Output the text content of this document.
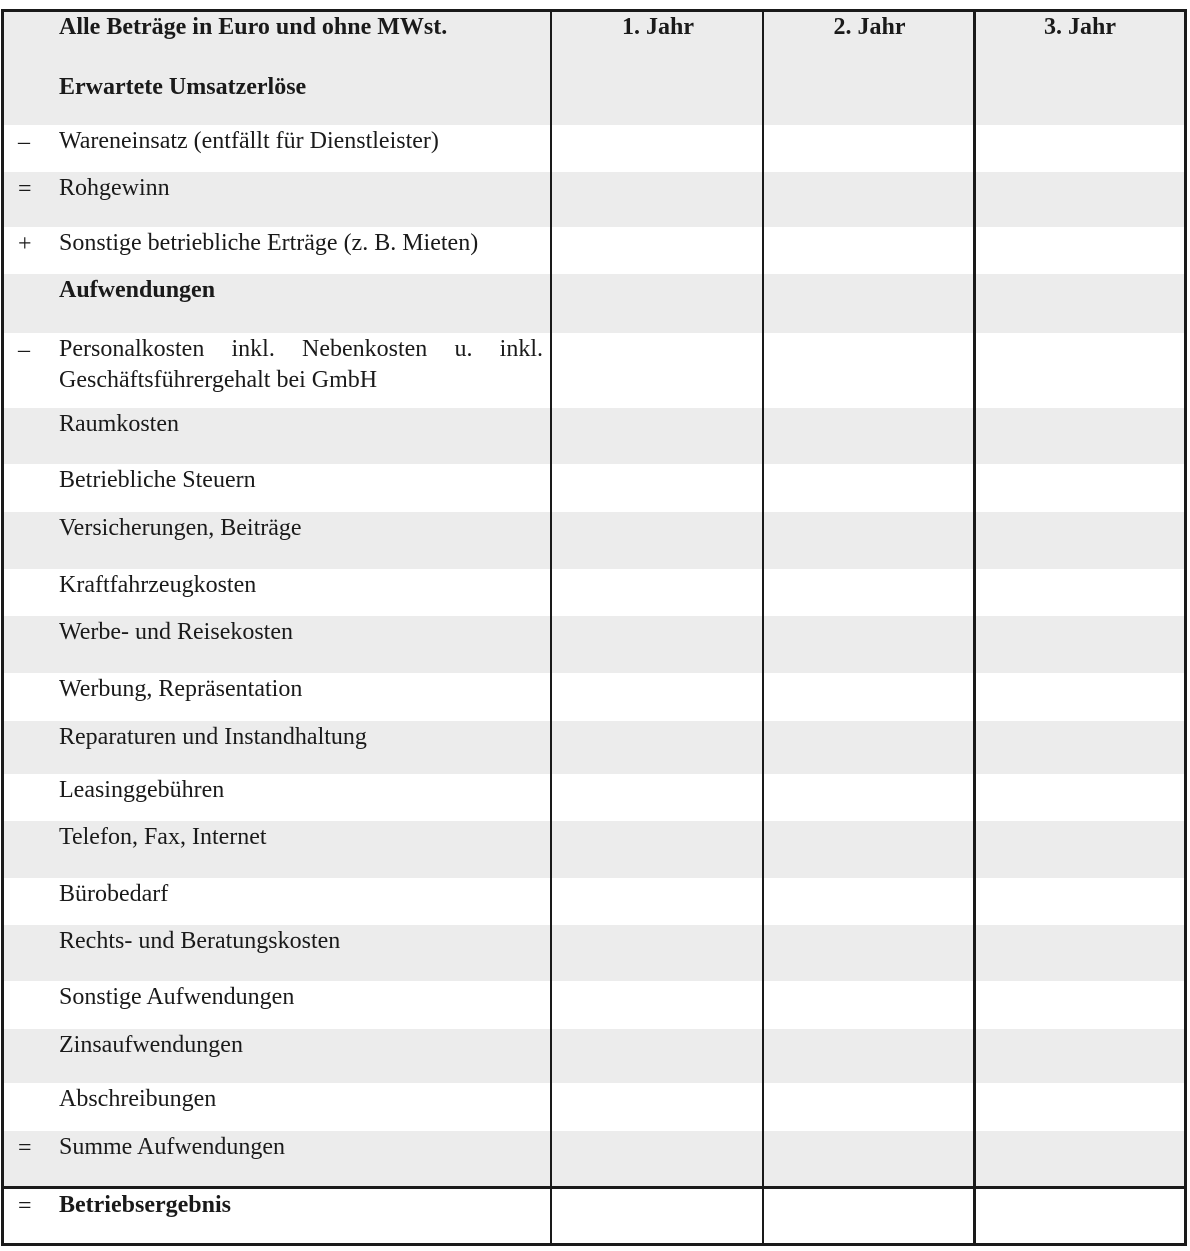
Alle Beträge in Euro und ohne MWst.
Erwartete Umsatzerlöse
1. Jahr	2. Jahr	3. Jahr
– Wareneinsatz (entfällt für Dienstleister)
= Rohgewinn
+ Sonstige betriebliche Erträge (z. B. Mieten)
Aufwendungen
– Personalkosten inkl. Nebenkosten u. inkl. Geschäftsführergehalt bei GmbH
Raumkosten
Betriebliche Steuern
Versicherungen, Beiträge
Kraftfahrzeugkosten
Werbe- und Reisekosten
Werbung, Repräsentation
Reparaturen und Instandhaltung
Leasinggebühren
Telefon, Fax, Internet
Bürobedarf
Rechts- und Beratungskosten
Sonstige Aufwendungen
Zinsaufwendungen
Abschreibungen
= Summe Aufwendungen
= Betriebsergebnis
